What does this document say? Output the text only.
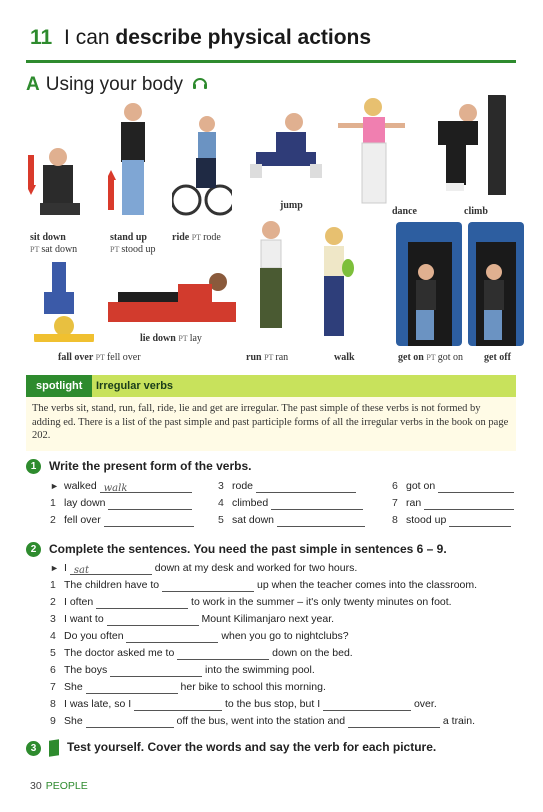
11 I can describe physical actions
A Using your body
sit down
PT sat down
stand up
PT stood up
ride PT rode
jump
dance	climb
fall over PT fell over
lie down PT lay
run PT ran	walk	get on PT got on get off
spotlight	Irregular verbs
The verbs sit, stand, run, fall, ride, lie and get are irregular. The past simple of these verbs is not formed by adding ed. There is a list of the past simple and past participle forms of all the irregular verbs in the book on page 202.
1 Write the present form of the verbs.
► walked walk
1 lay down
2 fell over
3 rode
4 climbed
5 sat down
6 got on
7 ran
8 stood up
2 Complete the sentences. You need the past simple in sentences 6 – 9.
► I sat	down at my desk and worked for two hours.
1 The children have to	up when the teacher comes into the classroom.
2 I often	to work in the summer – it's only twenty minutes on foot.
3 I want to	Mount Kilimanjaro next year.
4 Do you often	when you go to nightclubs?
5 The doctor asked me to	down on the bed.
6 The boys	into the swimming pool.
7 She	her bike to school this morning.
8 I was late, so I	to the bus stop, but I	over.
9 She	off the bus, went into the station and	a train.
3	Test yourself. Cover the words and say the verb for each picture.
30 PEOPLE
